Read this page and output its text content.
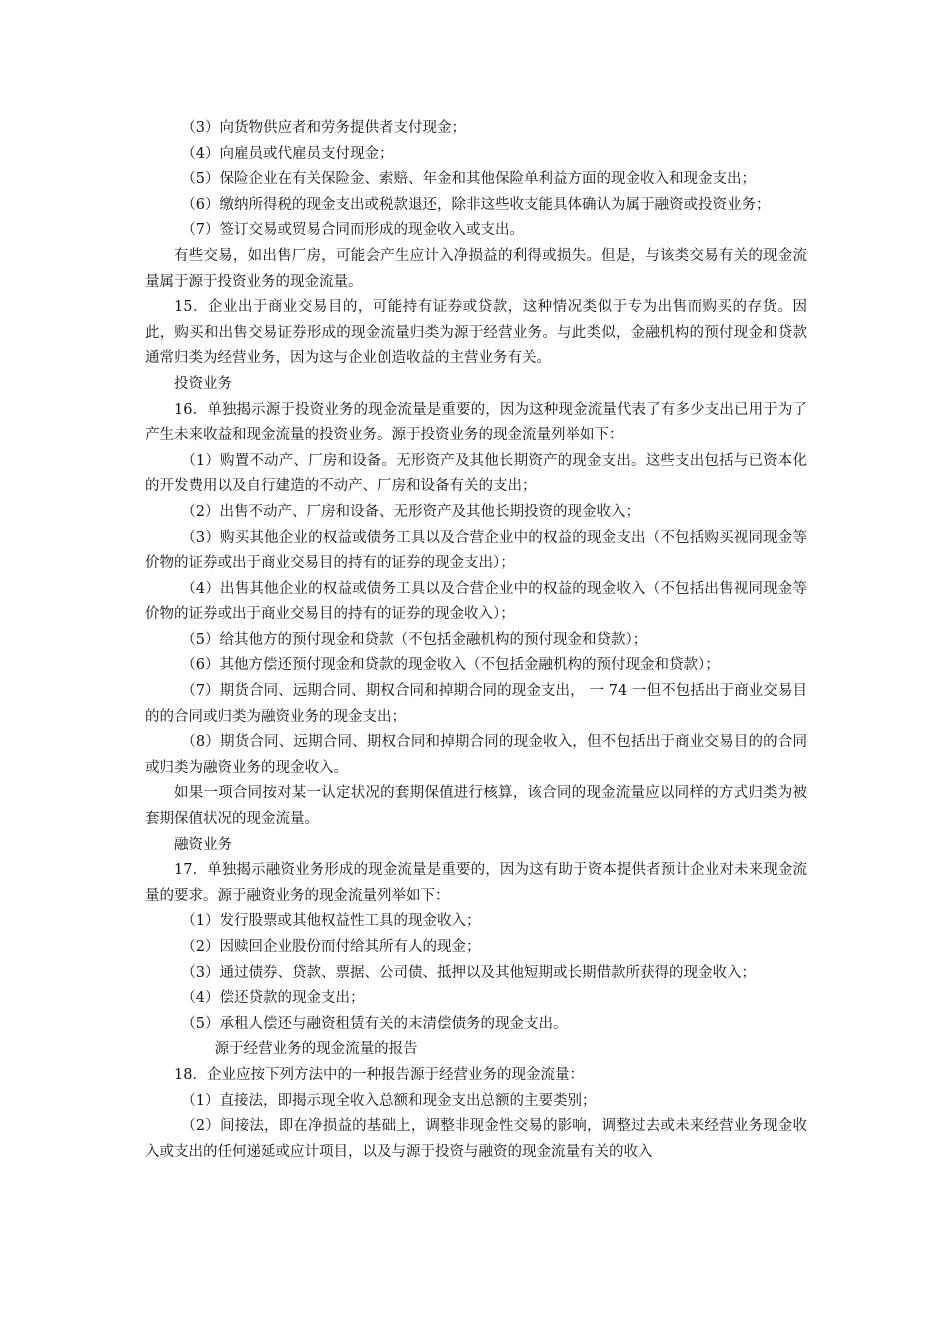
（3）向货物供应者和劳务提供者支付现金；

（4）向雇员或代雇员支付现金；

（5）保险企业在有关保险金、索赔、年金和其他保险单利益方面的现金收入和现金支出；

（6）缴纳所得税的现金支出或税款退还，除非这些收支能具体确认为属于融资或投资业务；

（7）签订交易或贸易合同而形成的现金收入或支出。

有些交易，如出售厂房，可能会产生应计入净损益的利得或损失。但是，与该类交易有关的现金流量属于源于投资业务的现金流量。

15．企业出于商业交易目的，可能持有证券或贷款，这种情况类似于专为出售而购买的存货。因此，购买和出售交易证券形成的现金流量归类为源于经营业务。与此类似，金融机构的预付现金和贷款通常归类为经营业务，因为这与企业创造收益的主营业务有关。

投资业务

16．单独揭示源于投资业务的现金流量是重要的，因为这种现金流量代表了有多少支出已用于为了产生未来收益和现金流量的投资业务。源于投资业务的现金流量列举如下：

（1）购置不动产、厂房和设备。无形资产及其他长期资产的现金支出。这些支出包括与已资本化的开发费用以及自行建造的不动产、厂房和设备有关的支出；

（2）出售不动产、厂房和设备、无形资产及其他长期投资的现金收入；

（3）购买其他企业的权益或债务工具以及合营企业中的权益的现金支出（不包括购买视同现金等价物的证券或出于商业交易目的持有的证券的现金支出）；

（4）出售其他企业的权益或债务工具以及合营企业中的权益的现金收入（不包括出售视同现金等价物的证券或出于商业交易目的持有的证券的现金收入）；

（5）给其他方的预付现金和贷款（不包括金融机构的预付现金和贷款）；

（6）其他方偿还预付现金和贷款的现金收入（不包括金融机构的预付现金和贷款）；

（7）期货合同、远期合同、期权合同和掉期合同的现金支出， 一 74 一但不包括出于商业交易目的的合同或归类为融资业务的现金支出；

（8）期货合同、远期合同、期权合同和掉期合同的现金收入，但不包括出于商业交易目的的合同或归类为融资业务的现金收入。

如果一项合同按对某一认定状况的套期保值进行核算，该合同的现金流量应以同样的方式归类为被套期保值状况的现金流量。

融资业务

17．单独揭示融资业务形成的现金流量是重要的，因为这有助于资本提供者预计企业对未来现金流量的要求。源于融资业务的现金流量列举如下：

（1）发行股票或其他权益性工具的现金收入；

（2）因赎回企业股份而付给其所有人的现金；

（3）通过债券、贷款、票据、公司债、抵押以及其他短期或长期借款所获得的现金收入；

（4）偿还贷款的现金支出；

（5）承租人偿还与融资租赁有关的末清偿债务的现金支出。

源于经营业务的现金流量的报告

18．企业应按下列方法中的一种报告源于经营业务的现金流量：

（1）直接法，即揭示现全收入总额和现金支出总额的主要类别；

（2）间接法，即在净损益的基础上，调整非现金性交易的影响，调整过去或未来经营业务现金收入或支出的任何递延或应计项目，以及与源于投资与融资的现金流量有关的收入
